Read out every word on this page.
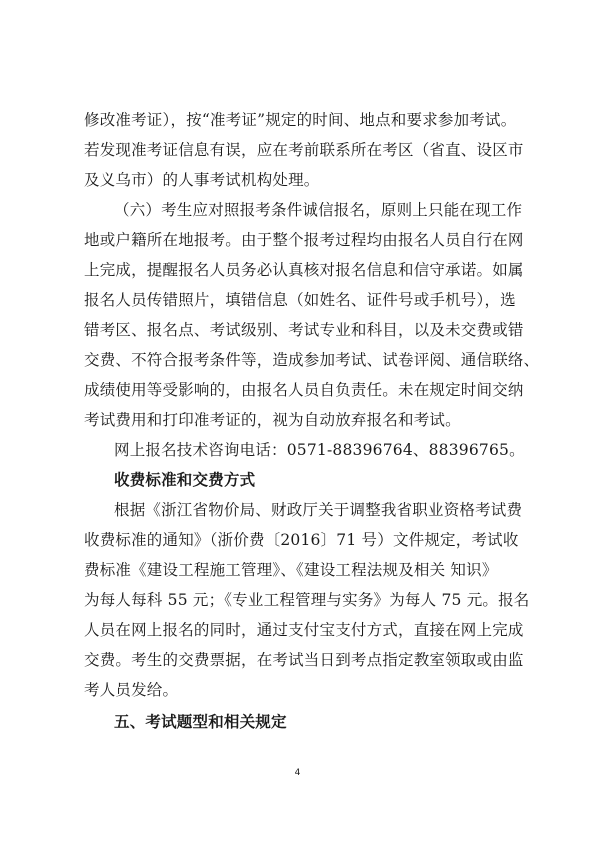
修改准考证），按“准考证”规定的时间、地点和要求参加考试。
若发现准考证信息有误，应在考前联系所在考区（省直、设区市
及义乌市）的人事考试机构处理。
（六）考生应对照报考条件诚信报名，原则上只能在现工作
地或户籍所在地报考。由于整个报考过程均由报名人员自行在网
上完成，提醒报名人员务必认真核对报名信息和信守承诺。如属
报名人员传错照片，填错信息（如姓名、证件号或手机号），选
错考区、报名点、考试级别、考试专业和科目，以及未交费或错
交费、不符合报考条件等，造成参加考试、试卷评阅、通信联络、
成绩使用等受影响的，由报名人员自负责任。未在规定时间交纳
考试费用和打印准考证的，视为自动放弃报名和考试。
网上报名技术咨询电话：0571-88396764、88396765。
收费标准和交费方式
根据《浙江省物价局、财政厅关于调整我省职业资格考试费
收费标准的通知》（浙价费〔2016〕71 号）文件规定，考试收
费标准《建设工程施工管理》、《建设工程法规及相关 知识》
为每人每科 55 元；《专业工程管理与实务》为每人 75 元。报名
人员在网上报名的同时，通过支付宝支付方式，直接在网上完成
交费。考生的交费票据，在考试当日到考点指定教室领取或由监
考人员发给。
五、考试题型和相关规定
4
